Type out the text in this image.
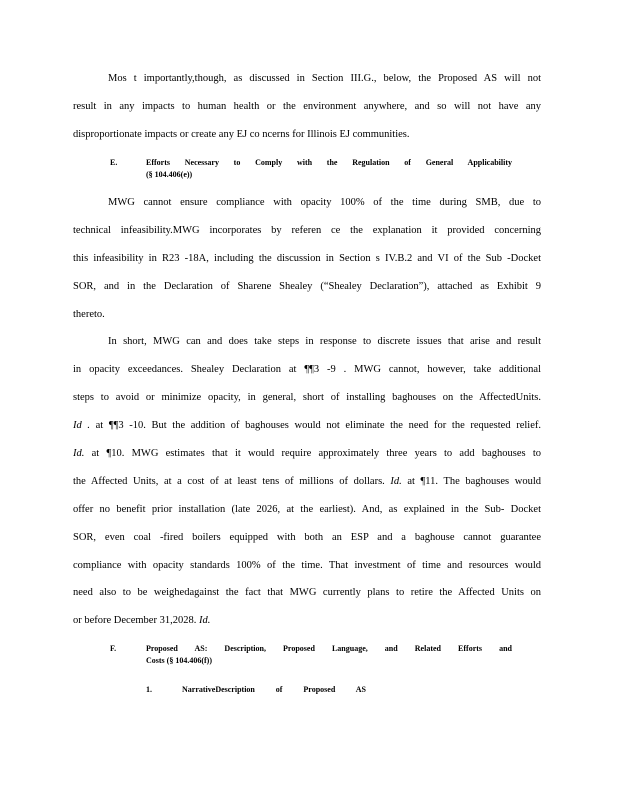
Mos t importantly,though, as discussed in Section III.G., below, the Proposed AS will not
result in any impacts to human health or the environment anywhere, and so will not have any
disproportionate impacts or create any EJ co ncerns for Illinois EJ communities.
E.	Efforts Necessary to Comply with the Regulation of General Applicability
(§ 104.406(e))
MWG cannot ensure compliance with opacity 100% of the time during SMB, due to
technical infeasibility.MWG incorporates by referen ce the explanation it provided concerning
this infeasibility in R23 -18A, including the discussion in Section s IV.B.2 and VI of the Sub -Docket
SOR, and in the Declaration of Sharene Shealey (“Shealey Declaration”), attached as Exhibit 9
thereto.
In short, MWG can and does take steps in response to discrete issues that arise and result
in opacity exceedances. Shealey Declaration at ¶¶3 -9 . MWG cannot, however, take additional
steps to avoid or minimize opacity, in general, short of installing baghouses on the AffectedUnits.
Id . at ¶¶3 -10. But the addition of baghouses would not eliminate the need for the requested relief.
Id. at ¶10. MWG estimates that it would require approximately three years to add baghouses to
the Affected Units, at a cost of at least tens of millions of dollars. Id. at ¶11. The baghouses would
offer no benefit prior installation (late 2026, at the earliest). And, as explained in the Sub- Docket
SOR, even coal -fired boilers equipped with both an ESP and a baghouse cannot guarantee
compliance with opacity standards 100% of the time. That investment of time and resources would
need also to be weighedagainst the fact that MWG currently plans to retire the Affected Units on
or before December 31,2028. Id.
F.	Proposed AS: Description, Proposed Language, and Related Efforts and
Costs (§ 104.406(f))
1.	NarrativeDescription of Proposed AS
